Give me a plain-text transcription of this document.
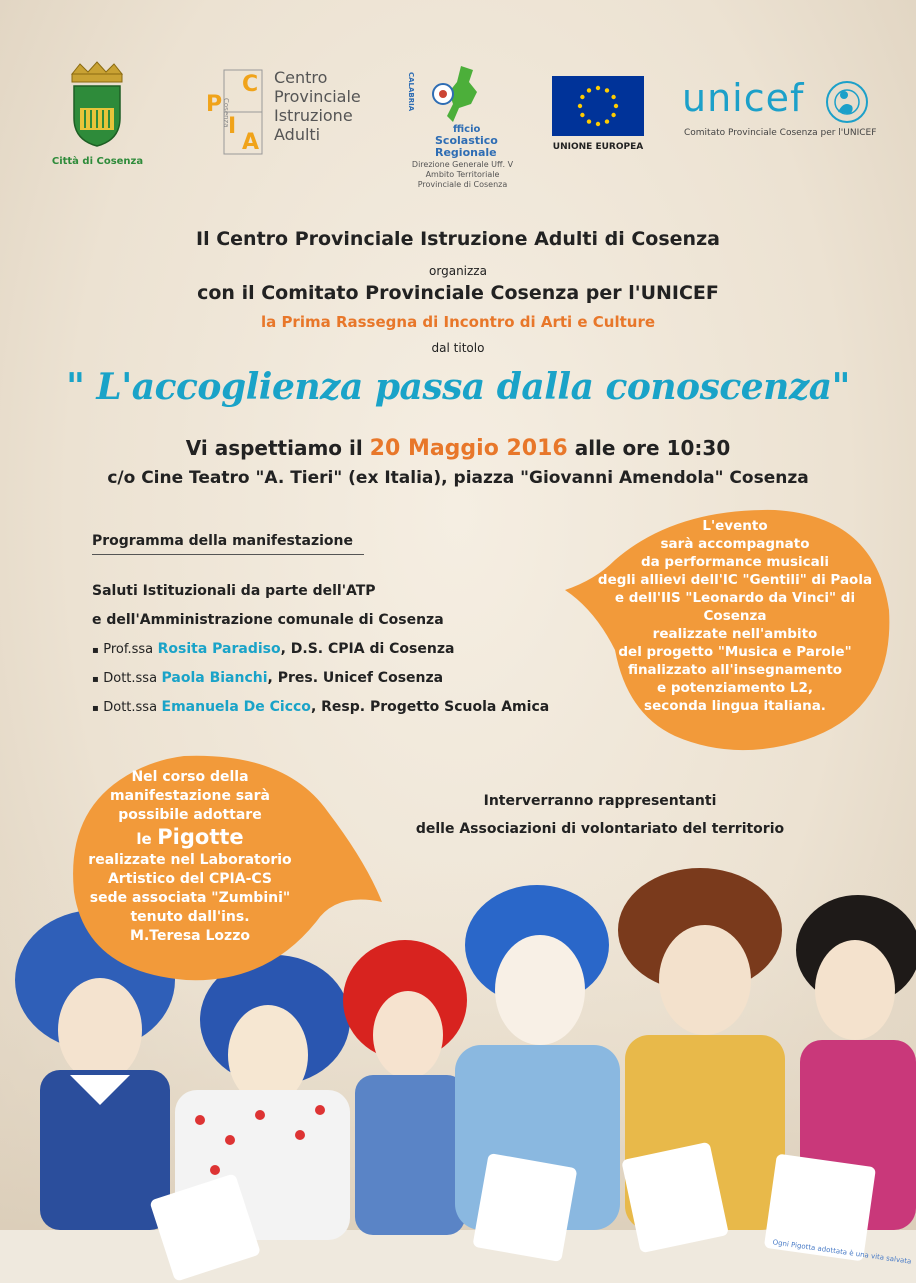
Città di Cosenza
C
P
I
A
Cosenza
Centro
Provinciale
Istruzione
Adulti
CALABRIA
fficio
Scolastico
Regionale
Direzione Generale Uff. V
Ambito Territoriale
Provinciale di Cosenza
UNIONE EUROPEA
unicef
Comitato Provinciale Cosenza per l'UNICEF
Il Centro Provinciale Istruzione Adulti di Cosenza
organizza
con il Comitato Provinciale Cosenza per l'UNICEF
la Prima Rassegna di Incontro di Arti e Culture
dal titolo
" L'accoglienza passa dalla conoscenza"
Vi aspettiamo il 20 Maggio 2016 alle ore 10:30
c/o Cine Teatro "A. Tieri" (ex Italia), piazza "Giovanni Amendola" Cosenza
Programma della manifestazione
Saluti Istituzionali da parte dell'ATP
e dell'Amministrazione comunale di Cosenza
▪ Prof.ssa Rosita Paradiso, D.S. CPIA di Cosenza
▪ Dott.ssa Paola Bianchi, Pres. Unicef Cosenza
▪ Dott.ssa Emanuela De Cicco, Resp. Progetto Scuola Amica
L'evento
sarà accompagnato
da performance musicali
degli allievi dell'IC "Gentili" di Paola
e dell'IIS "Leonardo da Vinci" di Cosenza
realizzate nell'ambito
del progetto "Musica e Parole"
finalizzato all'insegnamento
e potenziamento L2,
seconda lingua italiana.
Interverranno rappresentanti
delle Associazioni di volontariato del territorio
Ogni Pigotta adottata è una vita salvata
Nel corso della
manifestazione sarà
possibile adottare
le Pigotte
realizzate nel Laboratorio
Artistico del CPIA-CS
sede associata "Zumbini"
tenuto dall'ins.
M.Teresa Lozzo
